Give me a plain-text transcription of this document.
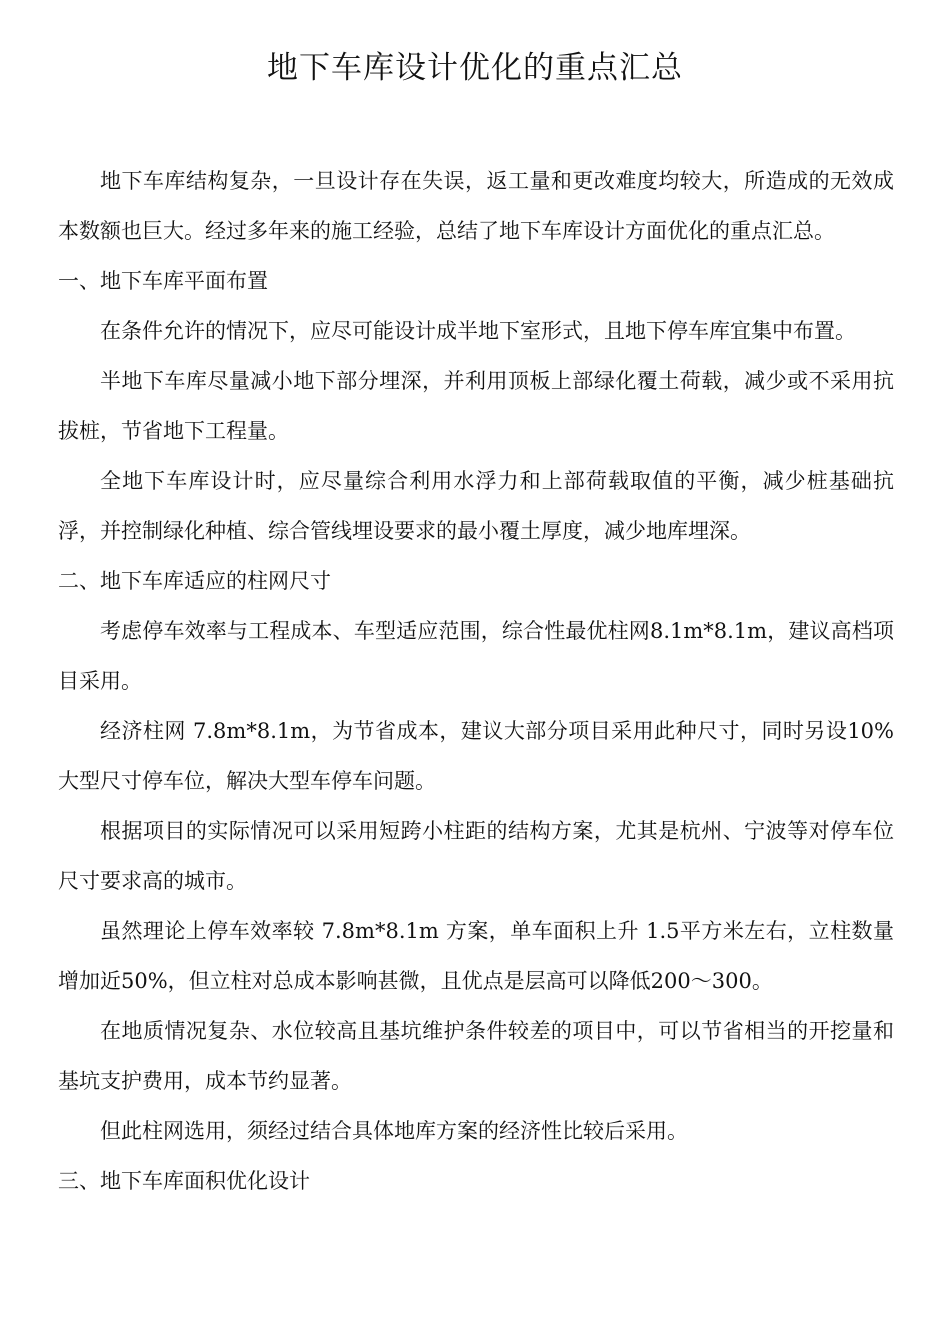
地下车库设计优化的重点汇总

地下车库结构复杂，一旦设计存在失误，返工量和更改难度均较大，所造成的无效成本数额也巨大。经过多年来的施工经验，总结了地下车库设计方面优化的重点汇总。

一、地下车库平面布置

在条件允许的情况下，应尽可能设计成半地下室形式，且地下停车库宜集中布置。

半地下车库尽量减小地下部分埋深，并利用顶板上部绿化覆土荷载，减少或不采用抗拔桩，节省地下工程量。

全地下车库设计时，应尽量综合利用水浮力和上部荷载取值的平衡，减少桩基础抗浮，并控制绿化种植、综合管线埋设要求的最小覆土厚度，减少地库埋深。

二、地下车库适应的柱网尺寸

考虑停车效率与工程成本、车型适应范围，综合性最优柱网8.1m*8.1m，建议高档项目采用。

经济柱网 7.8m*8.1m，为节省成本，建议大部分项目采用此种尺寸，同时另设10%大型尺寸停车位，解决大型车停车问题。

根据项目的实际情况可以采用短跨小柱距的结构方案，尤其是杭州、宁波等对停车位尺寸要求高的城市。

虽然理论上停车效率较 7.8m*8.1m 方案，单车面积上升 1.5平方米左右，立柱数量增加近50%，但立柱对总成本影响甚微，且优点是层高可以降低200～300。

在地质情况复杂、水位较高且基坑维护条件较差的项目中，可以节省相当的开挖量和基坑支护费用，成本节约显著。

但此柱网选用，须经过结合具体地库方案的经济性比较后采用。

三、地下车库面积优化设计
